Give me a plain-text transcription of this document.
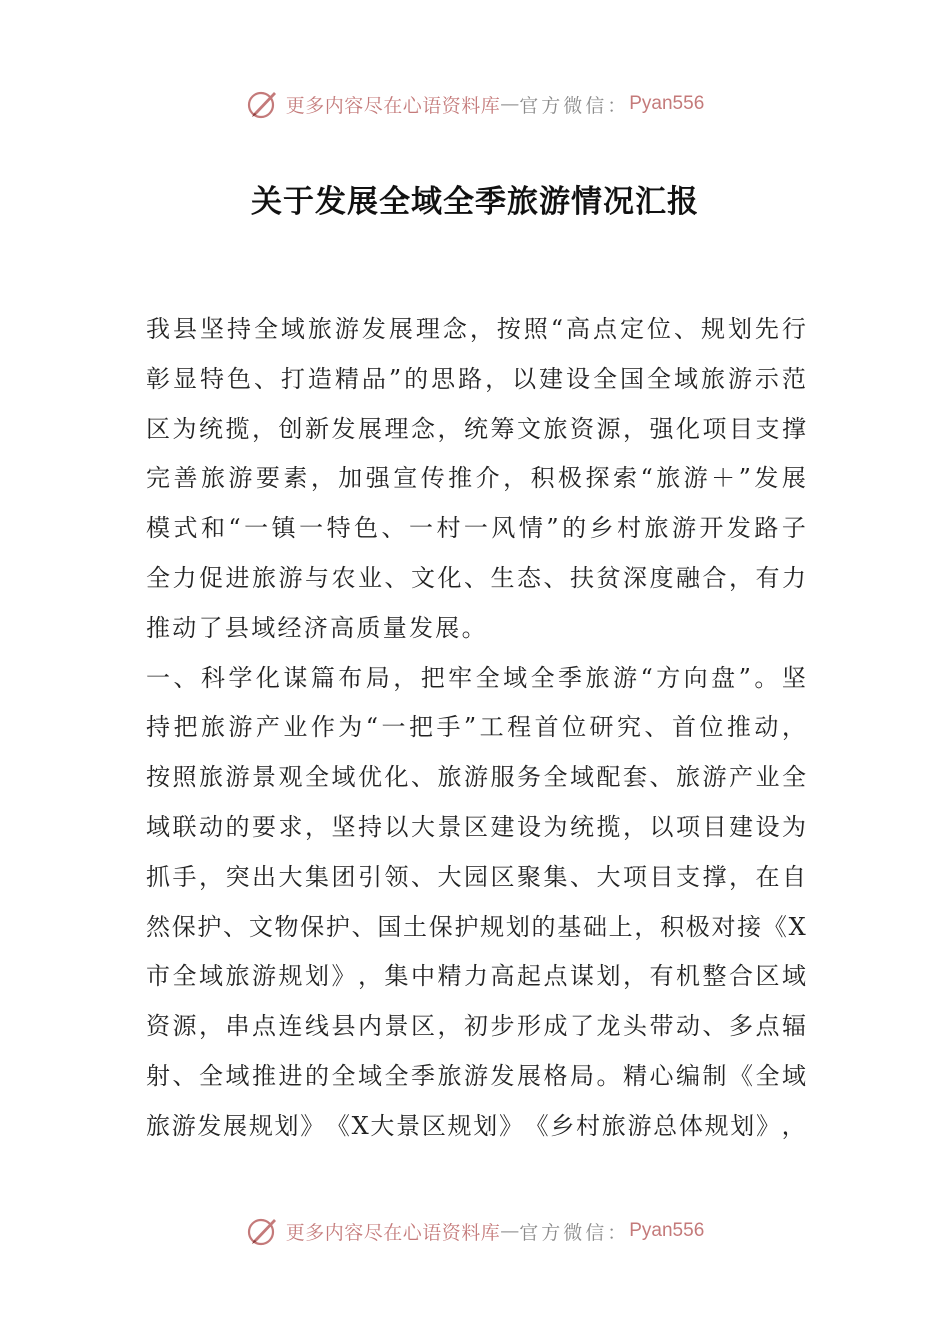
更多内容尽在心语资料库 — 官方微信： Pyan556
关于发展全域全季旅游情况汇报
我 县 坚 持 全 域 旅 游 发 展 理 念 ， 按 照 “ 高 点 定 位 、 规 划 先 行
彰 显 特 色 、 打 造 精 品 ” 的 思 路 ， 以 建 设 全 国 全 域 旅 游 示 范
区 为 统 揽 ， 创 新 发 展 理 念 ， 统 筹 文 旅 资 源 ， 强 化 项 目 支 撑
完 善 旅 游 要 素 ， 加 强 宣 传 推 介 ， 积 极 探 索 “ 旅 游 ＋ ” 发 展
模 式 和 “ 一 镇 一 特 色 、 一 村 一 风 情 ” 的 乡 村 旅 游 开 发 路 子
全 力 促 进 旅 游 与 农 业 、 文 化 、 生 态 、 扶 贫 深 度 融 合 ， 有 力
推动了县域经济高质量发展。
一 、 科 学 化 谋 篇 布 局 ， 把 牢 全 域 全 季 旅 游 “ 方 向 盘 ” 。 坚
持 把 旅 游 产 业 作 为 “ 一 把 手 ” 工 程 首 位 研 究 、 首 位 推 动 ，
按 照 旅 游 景 观 全 域 优 化 、 旅 游 服 务 全 域 配 套 、 旅 游 产 业 全
域 联 动 的 要 求 ， 坚 持 以 大 景 区 建 设 为 统 揽 ， 以 项 目 建 设 为
抓 手 ， 突 出 大 集 团 引 领 、 大 园 区 聚 集 、 大 项 目 支 撑 ， 在 自
然 保 护 、 文 物 保 护 、 国 土 保 护 规 划 的 基 础 上 ， 积 极 对 接 《 X
市 全 域 旅 游 规 划 》 ， 集 中 精 力 高 起 点 谋 划 ， 有 机 整 合 区 域
资 源 ， 串 点 连 线 县 内 景 区 ， 初 步 形 成 了 龙 头 带 动 、 多 点 辐
射 、 全 域 推 进 的 全 域 全 季 旅 游 发 展 格 局 。 精 心 编 制 《 全 域
旅 游 发 展 规 划 》 《 X 大 景 区 规 划 》 《 乡 村 旅 游 总 体 规 划 》 ，
更多内容尽在心语资料库 — 官方微信： Pyan556
